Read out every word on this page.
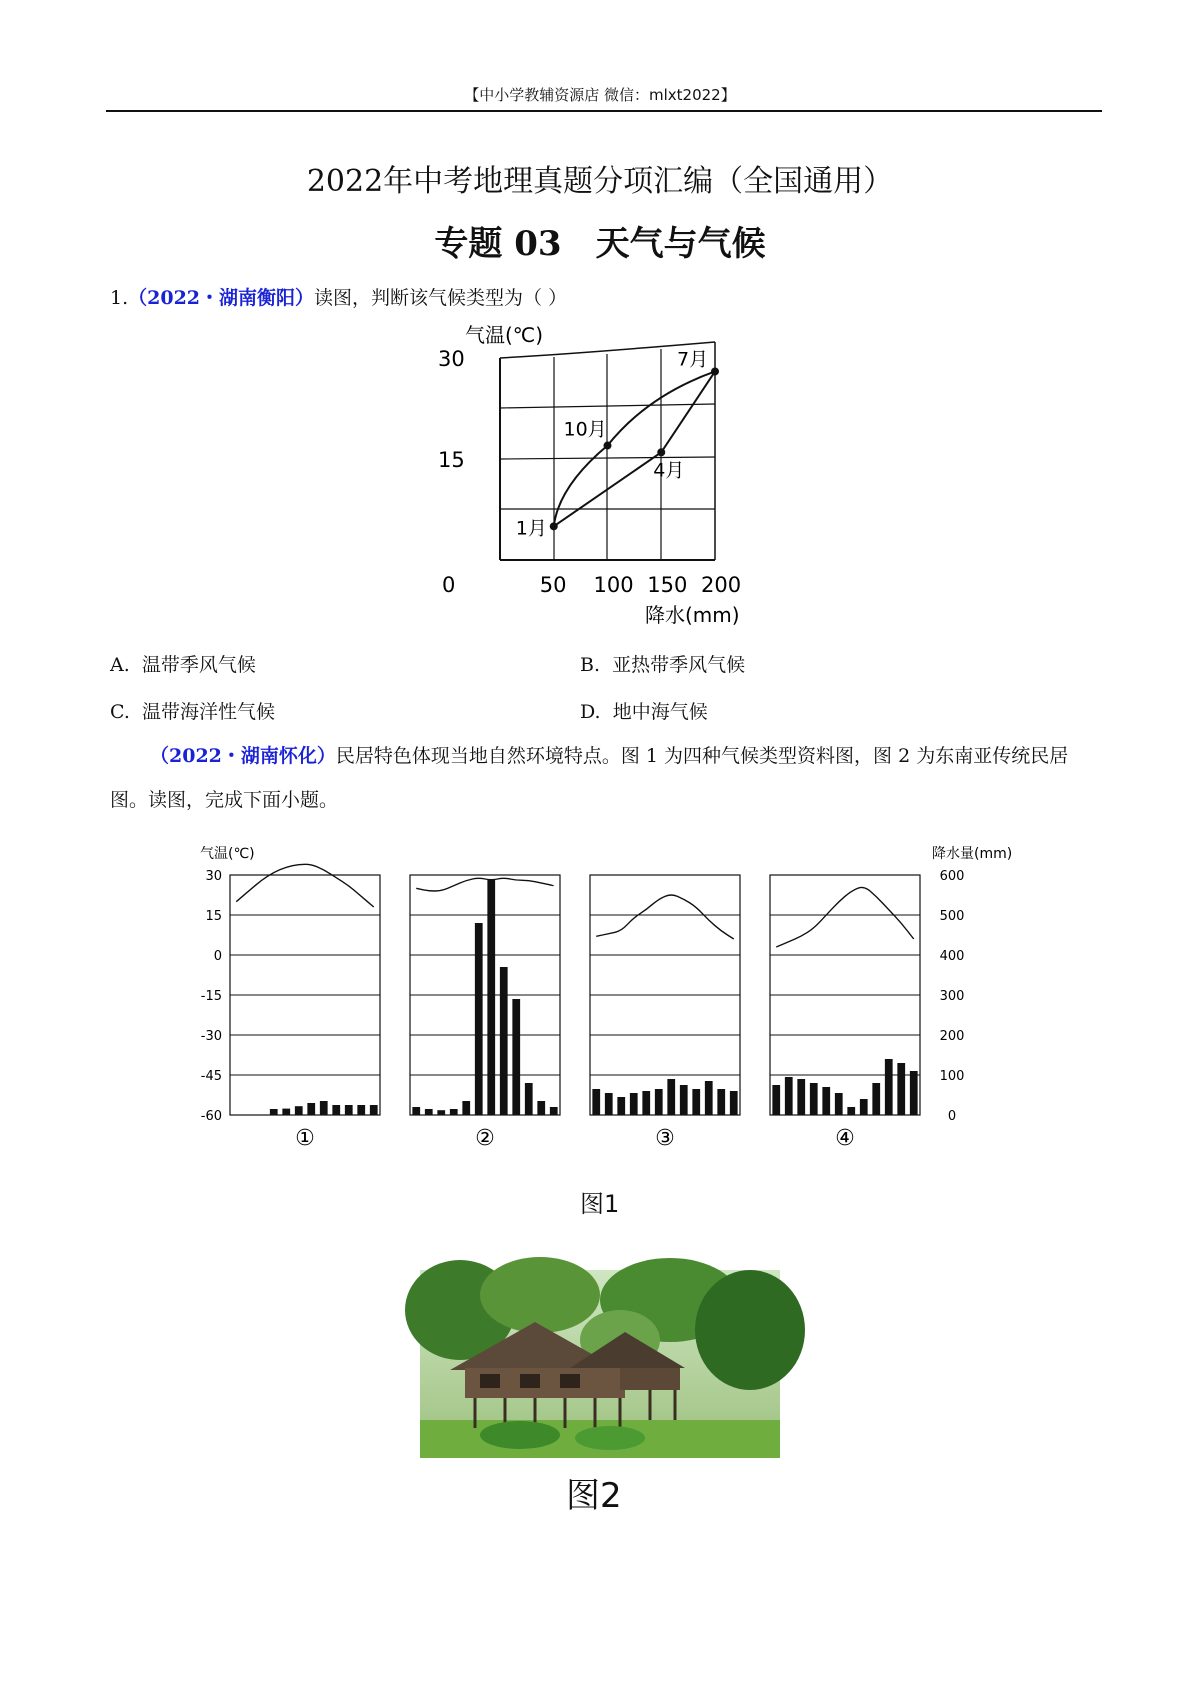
【中小学教辅资源店 微信：mlxt2022】
2022年中考地理真题分项汇编（全国通用）
专题 03 天气与气候
1.（2022・湖南衡阳）读图，判断该气候类型为（ ）
气温(℃)
降水(mm)
0	50 100 150 200
15
30
1月
4月
7月
10月
A. 温带季风气候	B. 亚热带季风气候
C. 温带海洋性气候	D. 地中海气候
（2022・湖南怀化）民居特色体现当地自然环境特点。图 1 为四种气候类型资料图，图 2 为东南亚传统民居图。读图，完成下面小题。
气温(℃)	降水量(mm)
30
15
0
-15
-30
-45
-60
600
500
400
300
200
100
0
①	②	③	④
图1
图2
